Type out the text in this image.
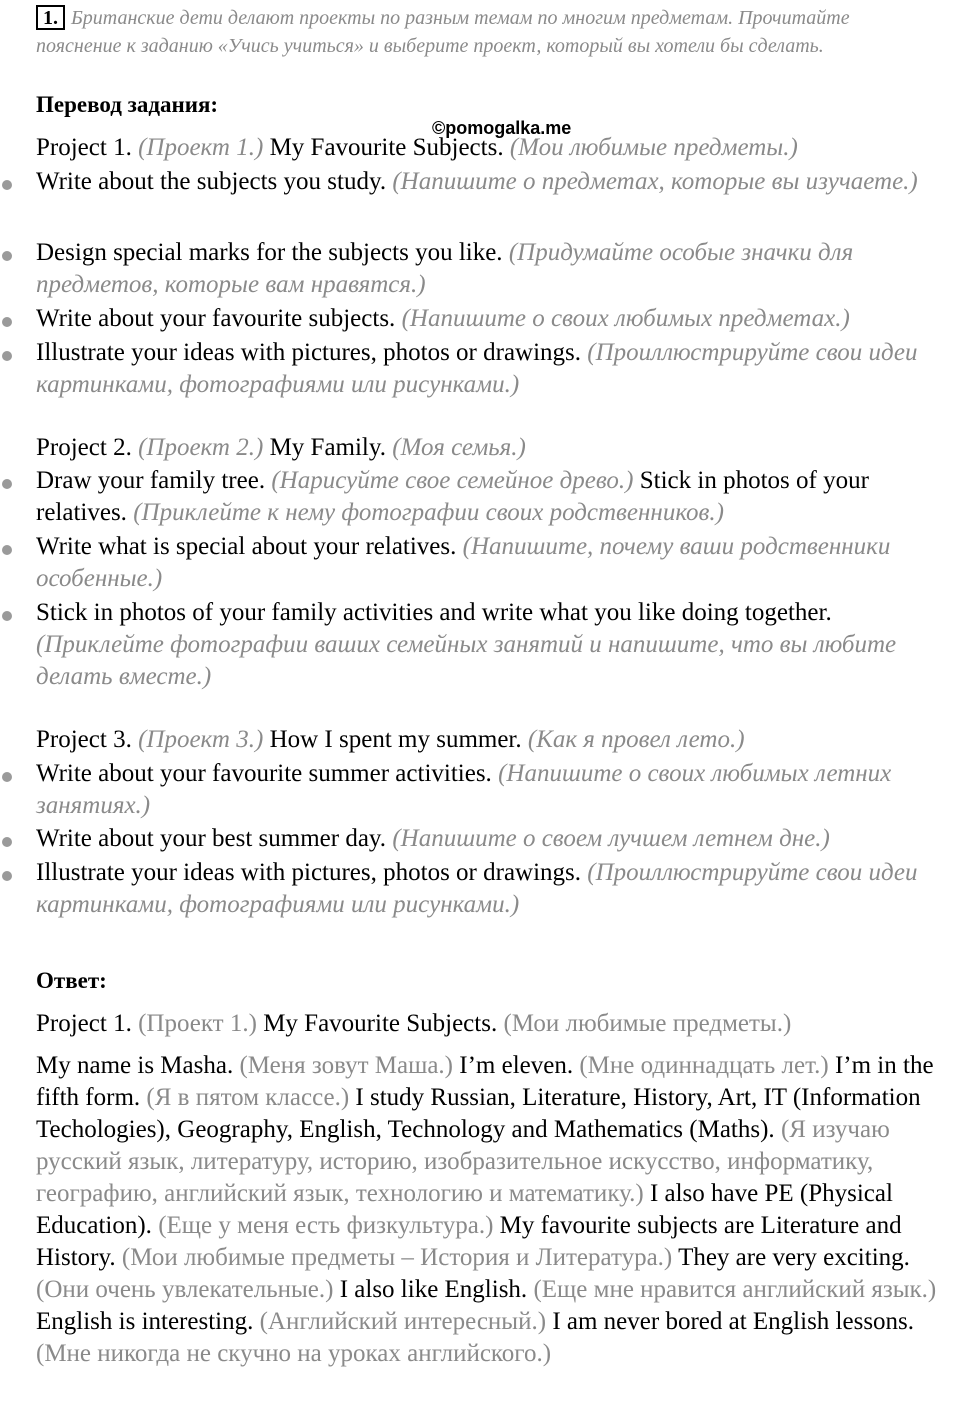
1. Британские дети делают проекты по разным темам по многим предметам. Прочитайте пояснение к заданию «Учись учиться» и выберите проект, который вы хотели бы сделать.
Перевод задания:
©pomogalka.me
Project 1. (Проект 1.) My Favourite Subjects. (Мои любимые предметы.)
Write about the subjects you study. (Напишите о предметах, которые вы изучаете.)
Design special marks for the subjects you like. (Придумайте особые значки для предметов, которые вам нравятся.)
Write about your favourite subjects. (Напишите о своих любимых предметах.)
Illustrate your ideas with pictures, photos or drawings. (Проиллюстрируйте свои идеи картинками, фотографиями или рисунками.)
Project 2. (Проект 2.) My Family. (Моя семья.)
Draw your family tree. (Нарисуйте свое семейное древо.) Stick in photos of your relatives. (Приклейте к нему фотографии своих родственников.)
Write what is special about your relatives. (Напишите, почему ваши родственники особенные.)
Stick in photos of your family activities and write what you like doing together. (Приклейте фотографии ваших семейных занятий и напишите, что вы любите делать вместе.)
Project 3. (Проект 3.) How I spent my summer. (Как я провел лето.)
Write about your favourite summer activities. (Напишите о своих любимых летних занятиях.)
Write about your best summer day. (Напишите о своем лучшем летнем дне.)
Illustrate your ideas with pictures, photos or drawings. (Проиллюстрируйте свои идеи картинками, фотографиями или рисунками.)
Ответ:
Project 1. (Проект 1.) My Favourite Subjects. (Мои любимые предметы.)
My name is Masha. (Меня зовут Маша.) I’m eleven. (Мне одиннадцать лет.) I’m in the fifth form. (Я в пятом классе.) I study Russian, Literature, History, Art, IT (Information Techologies), Geography, English, Technology and Mathematics (Maths). (Я изучаю русский язык, литературу, историю, изобразительное искусство, информатику, географию, английский язык, технологию и математику.) I also have PE (Physical Education). (Еще у меня есть физкультура.) My favourite subjects are Literature and History. (Мои любимые предметы – История и Литература.) They are very exciting. (Они очень увлекательные.) I also like English. (Еще мне нравится английский язык.) English is interesting. (Английский интересный.) I am never bored at English lessons. (Мне никогда не скучно на уроках английского.)
